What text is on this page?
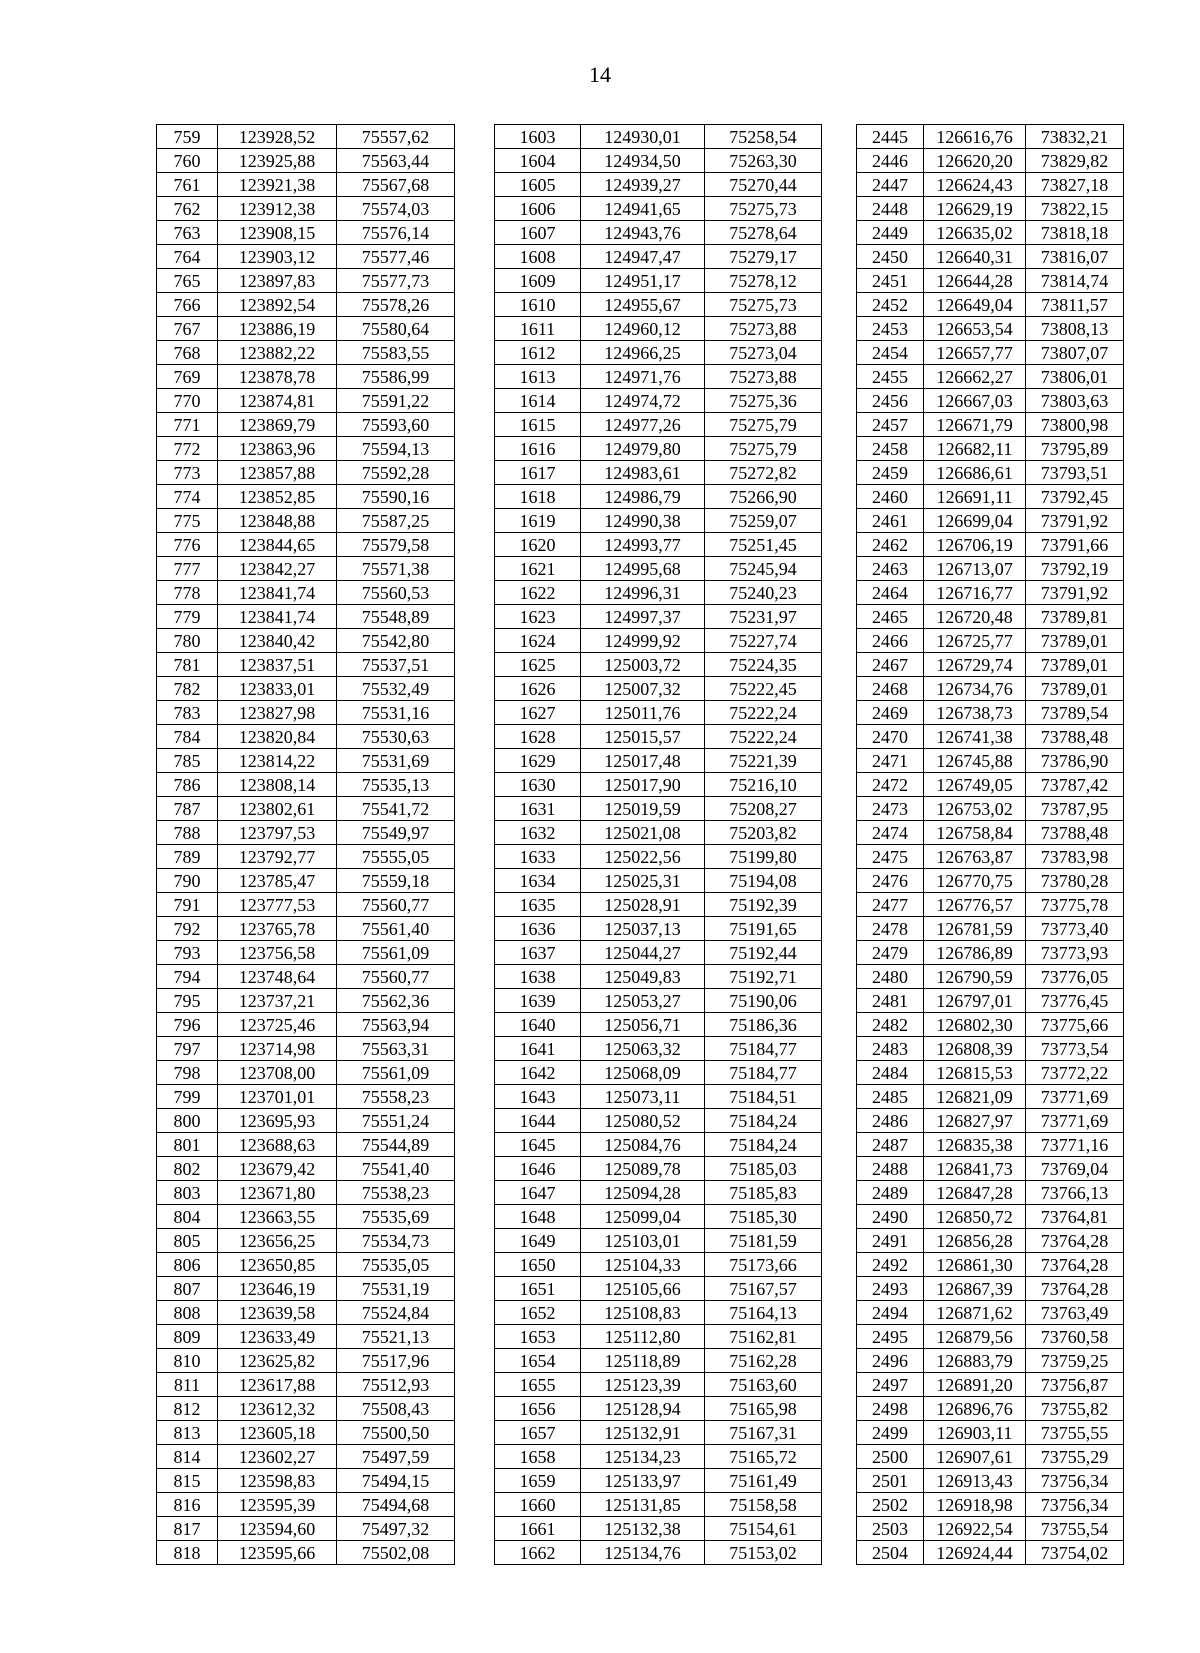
14
759	123928,52	75557,62		1603	124930,01	75258,54		2445	126616,76	73832,21
760	123925,88	75563,44		1604	124934,50	75263,30		2446	126620,20	73829,82
761	123921,38	75567,68		1605	124939,27	75270,44		2447	126624,43	73827,18
762	123912,38	75574,03		1606	124941,65	75275,73		2448	126629,19	73822,15
763	123908,15	75576,14		1607	124943,76	75278,64		2449	126635,02	73818,18
764	123903,12	75577,46		1608	124947,47	75279,17		2450	126640,31	73816,07
765	123897,83	75577,73		1609	124951,17	75278,12		2451	126644,28	73814,74
766	123892,54	75578,26		1610	124955,67	75275,73		2452	126649,04	73811,57
767	123886,19	75580,64		1611	124960,12	75273,88		2453	126653,54	73808,13
768	123882,22	75583,55		1612	124966,25	75273,04		2454	126657,77	73807,07
769	123878,78	75586,99		1613	124971,76	75273,88		2455	126662,27	73806,01
770	123874,81	75591,22		1614	124974,72	75275,36		2456	126667,03	73803,63
771	123869,79	75593,60		1615	124977,26	75275,79		2457	126671,79	73800,98
772	123863,96	75594,13		1616	124979,80	75275,79		2458	126682,11	73795,89
773	123857,88	75592,28		1617	124983,61	75272,82		2459	126686,61	73793,51
774	123852,85	75590,16		1618	124986,79	75266,90		2460	126691,11	73792,45
775	123848,88	75587,25		1619	124990,38	75259,07		2461	126699,04	73791,92
776	123844,65	75579,58		1620	124993,77	75251,45		2462	126706,19	73791,66
777	123842,27	75571,38		1621	124995,68	75245,94		2463	126713,07	73792,19
778	123841,74	75560,53		1622	124996,31	75240,23		2464	126716,77	73791,92
779	123841,74	75548,89		1623	124997,37	75231,97		2465	126720,48	73789,81
780	123840,42	75542,80		1624	124999,92	75227,74		2466	126725,77	73789,01
781	123837,51	75537,51		1625	125003,72	75224,35		2467	126729,74	73789,01
782	123833,01	75532,49		1626	125007,32	75222,45		2468	126734,76	73789,01
783	123827,98	75531,16		1627	125011,76	75222,24		2469	126738,73	73789,54
784	123820,84	75530,63		1628	125015,57	75222,24		2470	126741,38	73788,48
785	123814,22	75531,69		1629	125017,48	75221,39		2471	126745,88	73786,90
786	123808,14	75535,13		1630	125017,90	75216,10		2472	126749,05	73787,42
787	123802,61	75541,72		1631	125019,59	75208,27		2473	126753,02	73787,95
788	123797,53	75549,97		1632	125021,08	75203,82		2474	126758,84	73788,48
789	123792,77	75555,05		1633	125022,56	75199,80		2475	126763,87	73783,98
790	123785,47	75559,18		1634	125025,31	75194,08		2476	126770,75	73780,28
791	123777,53	75560,77		1635	125028,91	75192,39		2477	126776,57	73775,78
792	123765,78	75561,40		1636	125037,13	75191,65		2478	126781,59	73773,40
793	123756,58	75561,09		1637	125044,27	75192,44		2479	126786,89	73773,93
794	123748,64	75560,77		1638	125049,83	75192,71		2480	126790,59	73776,05
795	123737,21	75562,36		1639	125053,27	75190,06		2481	126797,01	73776,45
796	123725,46	75563,94		1640	125056,71	75186,36		2482	126802,30	73775,66
797	123714,98	75563,31		1641	125063,32	75184,77		2483	126808,39	73773,54
798	123708,00	75561,09		1642	125068,09	75184,77		2484	126815,53	73772,22
799	123701,01	75558,23		1643	125073,11	75184,51		2485	126821,09	73771,69
800	123695,93	75551,24		1644	125080,52	75184,24		2486	126827,97	73771,69
801	123688,63	75544,89		1645	125084,76	75184,24		2487	126835,38	73771,16
802	123679,42	75541,40		1646	125089,78	75185,03		2488	126841,73	73769,04
803	123671,80	75538,23		1647	125094,28	75185,83		2489	126847,28	73766,13
804	123663,55	75535,69		1648	125099,04	75185,30		2490	126850,72	73764,81
805	123656,25	75534,73		1649	125103,01	75181,59		2491	126856,28	73764,28
806	123650,85	75535,05		1650	125104,33	75173,66		2492	126861,30	73764,28
807	123646,19	75531,19		1651	125105,66	75167,57		2493	126867,39	73764,28
808	123639,58	75524,84		1652	125108,83	75164,13		2494	126871,62	73763,49
809	123633,49	75521,13		1653	125112,80	75162,81		2495	126879,56	73760,58
810	123625,82	75517,96		1654	125118,89	75162,28		2496	126883,79	73759,25
811	123617,88	75512,93		1655	125123,39	75163,60		2497	126891,20	73756,87
812	123612,32	75508,43		1656	125128,94	75165,98		2498	126896,76	73755,82
813	123605,18	75500,50		1657	125132,91	75167,31		2499	126903,11	73755,55
814	123602,27	75497,59		1658	125134,23	75165,72		2500	126907,61	73755,29
815	123598,83	75494,15		1659	125133,97	75161,49		2501	126913,43	73756,34
816	123595,39	75494,68		1660	125131,85	75158,58		2502	126918,98	73756,34
817	123594,60	75497,32		1661	125132,38	75154,61		2503	126922,54	73755,54
818	123595,66	75502,08		1662	125134,76	75153,02		2504	126924,44	73754,02
